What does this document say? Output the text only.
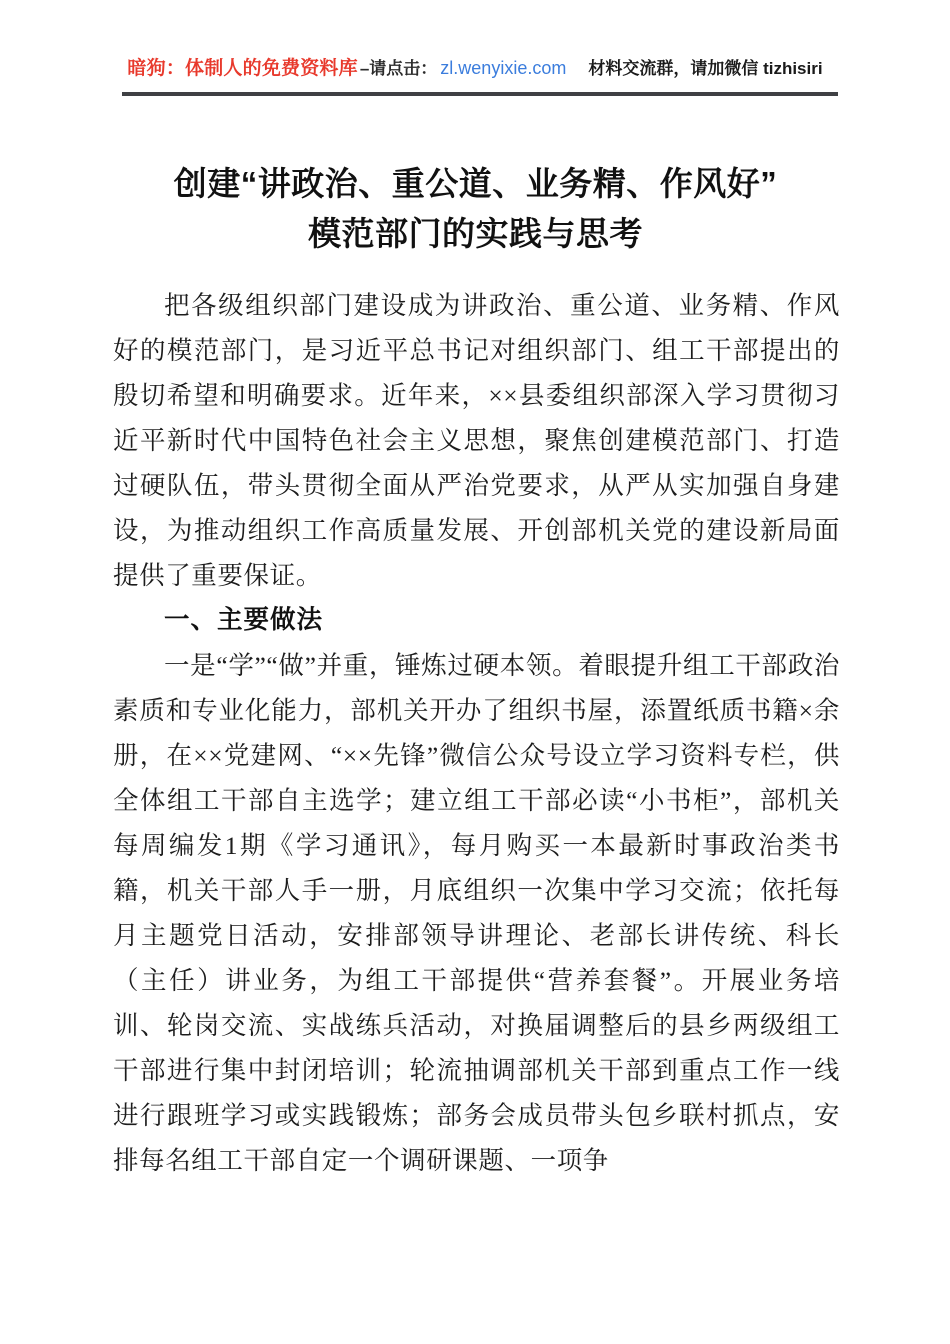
暗狗：体制人的免费资料库 –请点击： zl.wenyixie.com 材料交流群，请加微信 tizhisiri
创建“讲政治、重公道、业务精、作风好”
模范部门的实践与思考

把各级组织部门建设成为讲政治、重公道、业务精、作风好的模范部门，是习近平总书记对组织部门、组工干部提出的殷切希望和明确要求。近年来，××县委组织部深入学习贯彻习近平新时代中国特色社会主义思想，聚焦创建模范部门、打造过硬队伍，带头贯彻全面从严治党要求，从严从实加强自身建设，为推动组织工作高质量发展、开创部机关党的建设新局面提供了重要保证。

一、主要做法

一是“学”“做”并重，锤炼过硬本领。着眼提升组工干部政治素质和专业化能力，部机关开办了组织书屋，添置纸质书籍×余册，在××党建网、“××先锋”微信公众号设立学习资料专栏，供全体组工干部自主选学；建立组工干部必读“小书柜”，部机关每周编发1期《学习通讯》，每月购买一本最新时事政治类书籍，机关干部人手一册，月底组织一次集中学习交流；依托每月主题党日活动，安排部领导讲理论、老部长讲传统、科长（主任）讲业务，为组工干部提供“营养套餐”。开展业务培训、轮岗交流、实战练兵活动，对换届调整后的县乡两级组工干部进行集中封闭培训；轮流抽调部机关干部到重点工作一线进行跟班学习或实践锻炼；部务会成员带头包乡联村抓点，安排每名组工干部自定一个调研课题、一项争
